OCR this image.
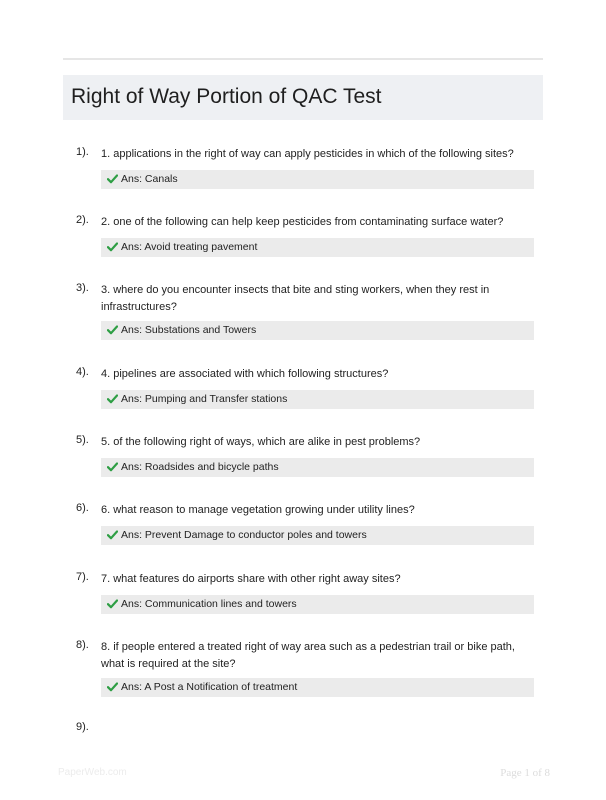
Right of Way Portion of QAC Test
1). 1. applications in the right of way can apply pesticides in which of the following sites?
Ans: Canals
2). 2. one of the following can help keep pesticides from contaminating surface water?
Ans: Avoid treating pavement
3). 3. where do you encounter insects that bite and sting workers, when they rest in infrastructures?
Ans: Substations and Towers
4). 4. pipelines are associated with which following structures?
Ans: Pumping and Transfer stations
5). 5. of the following right of ways, which are alike in pest problems?
Ans: Roadsides and bicycle paths
6). 6. what reason to manage vegetation growing under utility lines?
Ans: Prevent Damage to conductor poles and towers
7). 7. what features do airports share with other right away sites?
Ans: Communication lines and towers
8). 8. if people entered a treated right of way area such as a pedestrian trail or bike path, what is required at the site?
Ans: A Post a Notification of treatment
9).
PaperWeb.com	Page 1 of 8
